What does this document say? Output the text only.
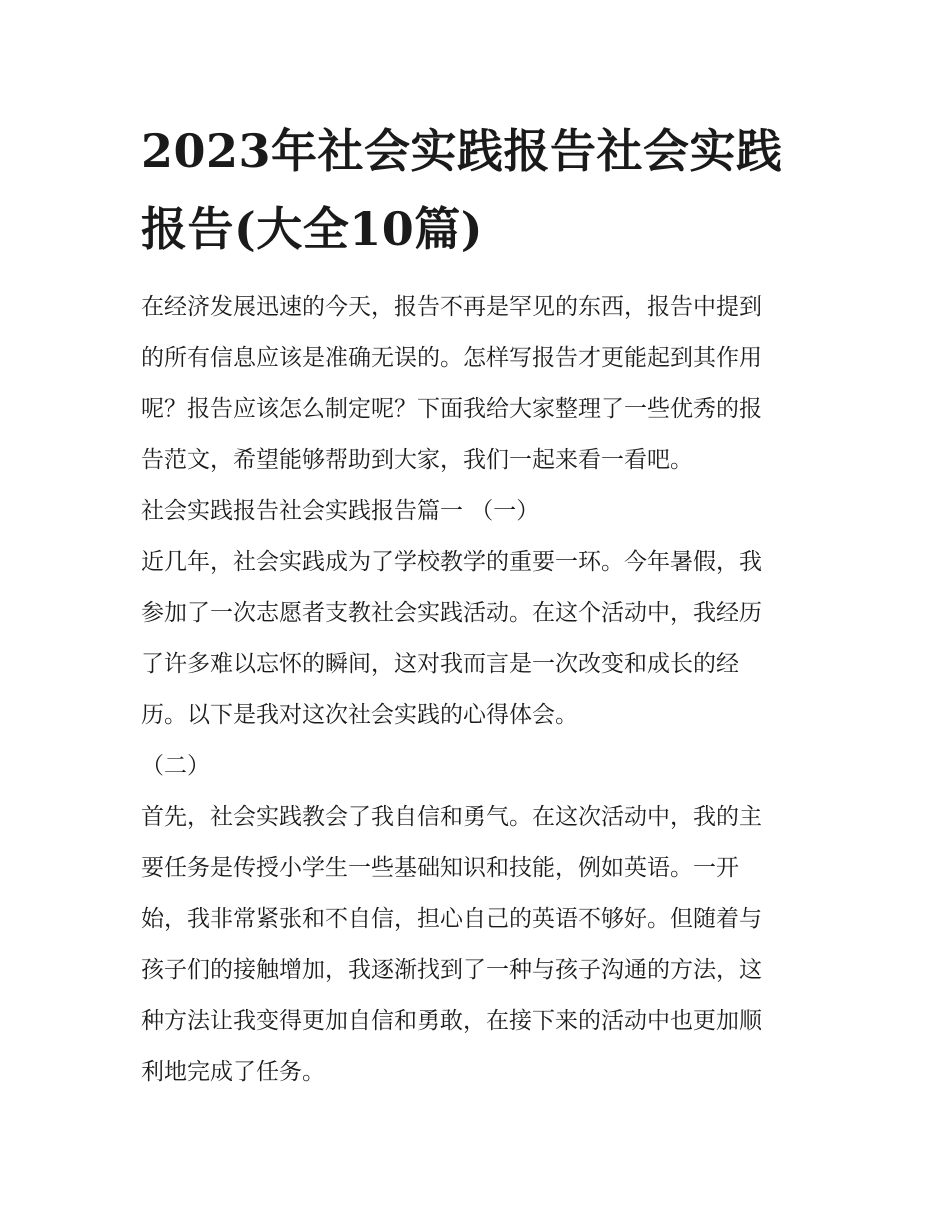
2023年社会实践报告社会实践
报告(大全10篇)
在经济发展迅速的今天，报告不再是罕见的东西，报告中提到
的所有信息应该是准确无误的。怎样写报告才更能起到其作用
呢？报告应该怎么制定呢？下面我给大家整理了一些优秀的报
告范文，希望能够帮助到大家，我们一起来看一看吧。
社会实践报告社会实践报告篇一 （一）
近几年，社会实践成为了学校教学的重要一环。今年暑假，我
参加了一次志愿者支教社会实践活动。在这个活动中，我经历
了许多难以忘怀的瞬间，这对我而言是一次改变和成长的经
历。以下是我对这次社会实践的心得体会。
（二）
首先，社会实践教会了我自信和勇气。在这次活动中，我的主
要任务是传授小学生一些基础知识和技能，例如英语。一开
始，我非常紧张和不自信，担心自己的英语不够好。但随着与
孩子们的接触增加，我逐渐找到了一种与孩子沟通的方法，这
种方法让我变得更加自信和勇敢，在接下来的活动中也更加顺
利地完成了任务。
